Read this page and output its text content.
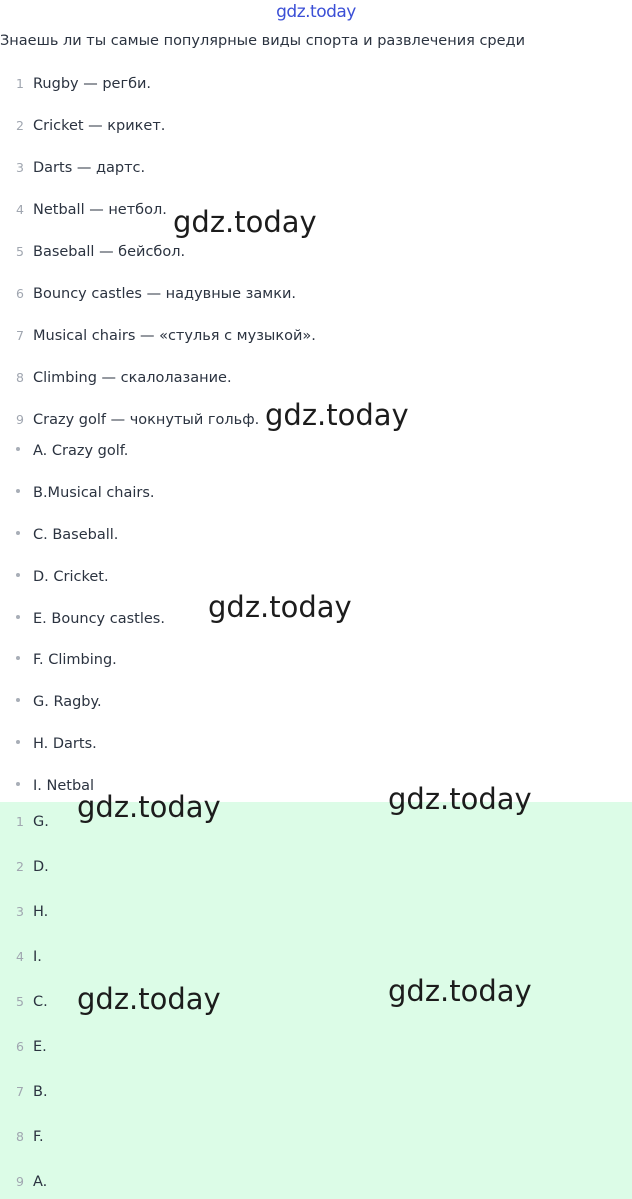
gdz.today
Знаешь ли ты самые популярные виды спорта и развлечения среди
1 Rugby — регби.
2 Cricket — крикет.
3 Darts — дартс.
4 Netball — нетбол.
5 Baseball — бейсбол.
6 Bouncy castles — надувные замки.
7 Musical chairs — «стулья с музыкой».
8 Climbing — скалолазание.
9 Crazy golf — чокнутый гольф.
A. Crazy golf.
B.Musical chairs.
C. Baseball.
D. Cricket.
E. Bouncy castles.
F. Climbing.
G. Ragby.
H. Darts.
I. Netbal
1 G.
2 D.
3 H.
4 I.
5 C.
6 E.
7 B.
8 F.
9 A.
gdz.today
gdz.today
gdz.today
gdz.today	gdz.today
gdz.today	gdz.today
